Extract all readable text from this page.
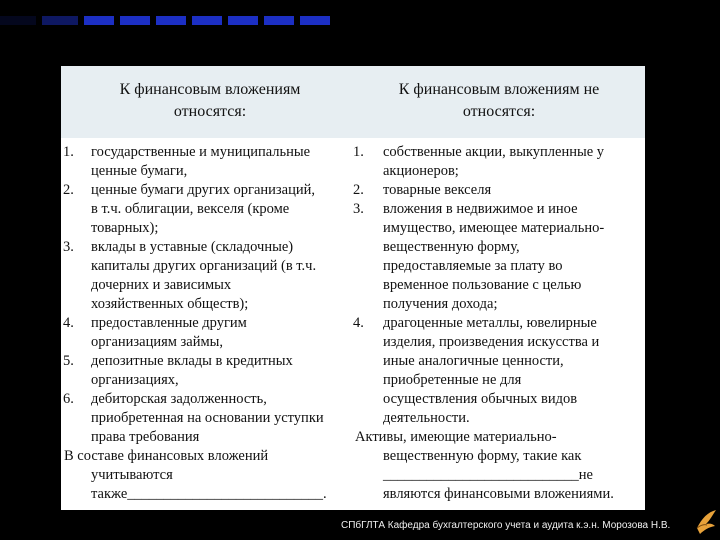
К финансовым вложениям
относятся:
К финансовым вложениям не
относятся:
1.
2.
3.
4.
5.
6.
государственные и муниципальные
ценные бумаги,
ценные бумаги других организаций,
в т.ч. облигации, векселя (кроме
товарных);
вклады в уставные (складочные)
капиталы других организаций (в т.ч.
дочерних и зависимых
хозяйственных обществ);
предоставленные другим
организациям займы,
депозитные вклады в кредитных
организациях,
дебиторская задолженность,
приобретенная на основании уступки
права требования
В составе финансовых вложений
учитываются
также___________________________.
1.
2.
3.
4.
собственные акции, выкупленные у
акционеров;
товарные векселя
вложения в недвижимое и иное
имущество, имеющее материально-
вещественную форму,
предоставляемые за плату во
временное пользование с целью
получения дохода;
драгоценные металлы, ювелирные
изделия, произведения искусства и
иные аналогичные ценности,
приобретенные не для
осуществления обычных видов
деятельности.
Активы, имеющие материально-
вещественную форму, такие как
___________________________не
являются финансовыми вложениями.
СПбГЛТА Кафедра бухгалтерского учета и аудита к.э.н. Морозова Н.В.
